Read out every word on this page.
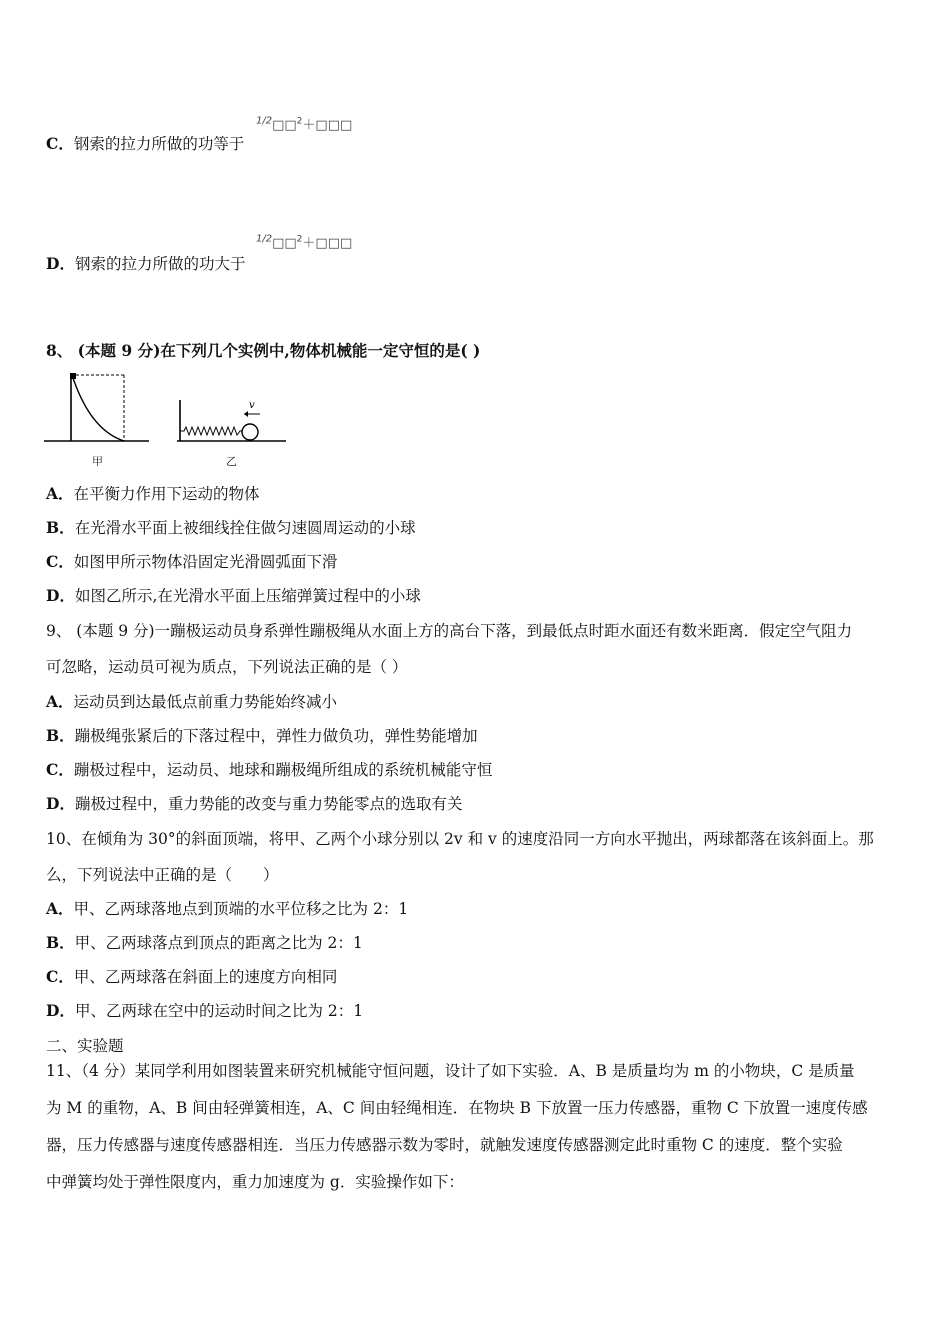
$^{1/2}$□□$^2$＋□□□
C．钢索的拉力所做的功等于
$^{1/2}$□□$^2$＋□□□
D．钢索的拉力所做的功大于
8、 (本题 9 分)在下列几个实例中,物体机械能一定守恒的是( )
v
甲	乙
A．在平衡力作用下运动的物体
B．在光滑水平面上被细线拴住做匀速圆周运动的小球
C．如图甲所示物体沿固定光滑圆弧面下滑
D．如图乙所示,在光滑水平面上压缩弹簧过程中的小球
9、 (本题 9 分)一蹦极运动员身系弹性蹦极绳从水面上方的高台下落，到最低点时距水面还有数米距离．假定空气阻力
可忽略，运动员可视为质点，下列说法正确的是（ ）
A．运动员到达最低点前重力势能始终减小
B．蹦极绳张紧后的下落过程中，弹性力做负功，弹性势能增加
C．蹦极过程中，运动员、地球和蹦极绳所组成的系统机械能守恒
D．蹦极过程中，重力势能的改变与重力势能零点的选取有关
10、在倾角为 30°的斜面顶端，将甲、乙两个小球分别以 2v 和 v 的速度沿同一方向水平抛出，两球都落在该斜面上。那
么，下列说法中正确的是（　　）
A．甲、乙两球落地点到顶端的水平位移之比为 2：1
B．甲、乙两球落点到顶点的距离之比为 2：1
C．甲、乙两球落在斜面上的速度方向相同
D．甲、乙两球在空中的运动时间之比为 2：1
二、实验题
11、（4 分）某同学利用如图装置来研究机械能守恒问题，设计了如下实验．A、B 是质量均为 m 的小物块，C 是质量
为 M 的重物，A、B 间由轻弹簧相连，A、C 间由轻绳相连．在物块 B 下放置一压力传感器，重物 C 下放置一速度传感
器，压力传感器与速度传感器相连．当压力传感器示数为零时，就触发速度传感器测定此时重物 C 的速度．整个实验
中弹簧均处于弹性限度内，重力加速度为 g．实验操作如下：
